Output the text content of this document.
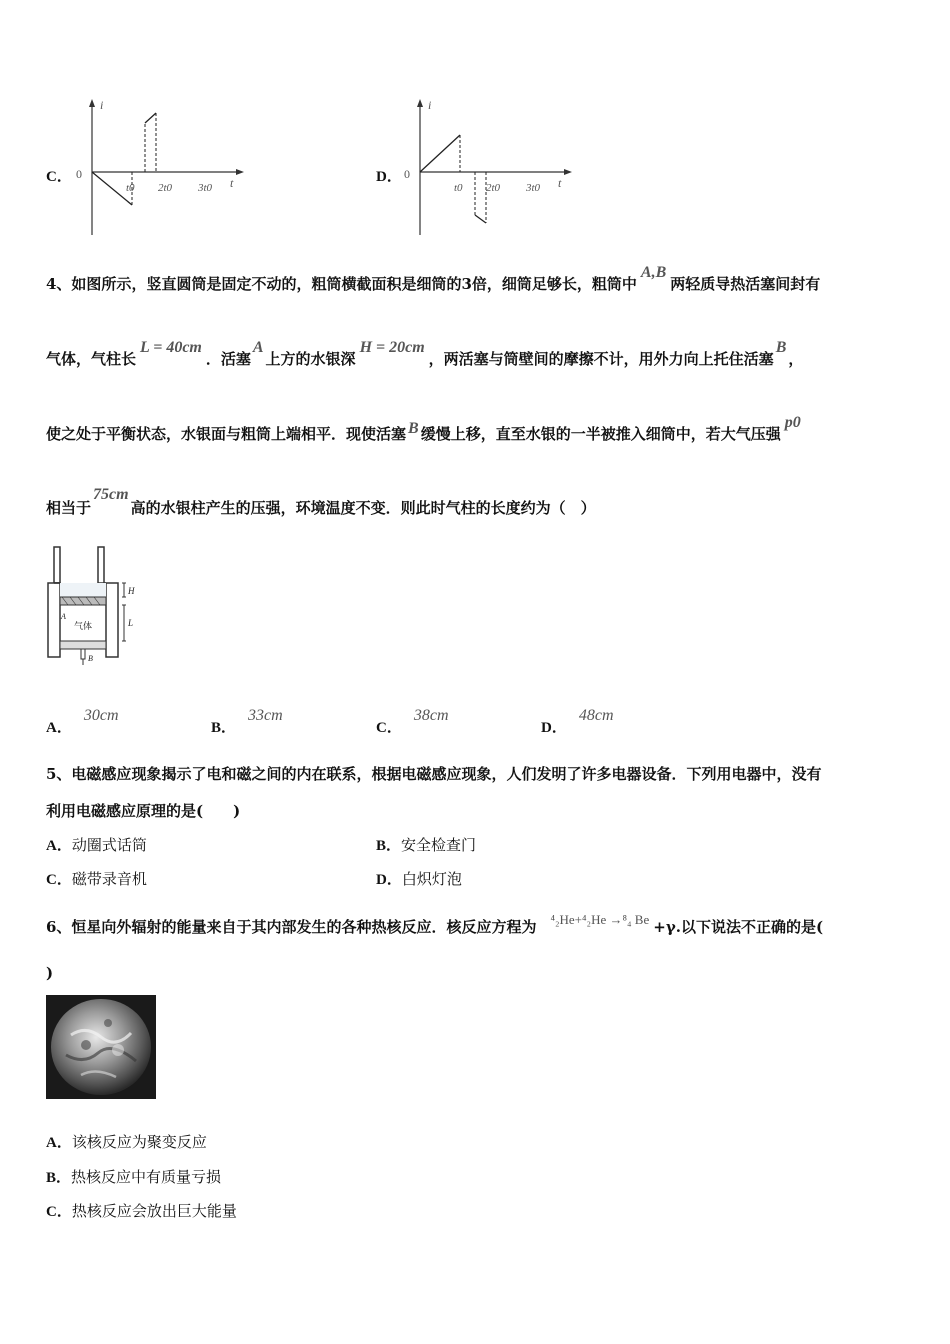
C．
i
t
0
t0 2t0 3t0
D．
i
t
0
t0 2t0 3t0
4、如图所示，竖直圆筒是固定不动的，粗筒横截面积是细筒的3倍，细筒足够长，粗筒中A,B两轻质导热活塞间封有
气体，气柱长L = 40cm．活塞A上方的水银深H = 20cm，两活塞与筒壁间的摩擦不计，用外力向上托住活塞B，
使之处于平衡状态，水银面与粗筒上端相平．现使活塞 B 缓慢上移，直至水银的一半被推入细筒中，若大气压强p0
相当于75cm高的水银柱产生的压强，环境温度不变．则此时气柱的长度约为（　）
H
L
A
B
气体
A．30cm
B．33cm
C．38cm
D．48cm
5、电磁感应现象揭示了电和磁之间的内在联系，根据电磁感应现象，人们发明了许多电器设备．下列用电器中，没有
利用电磁感应原理的是(　　)
A．动圈式话筒	B．安全检查门
C．磁带录音机	D．白炽灯泡
6、恒星向外辐射的能量来自于其内部发生的各种热核反应．核反应方程为 ⁴₂He+⁴₂He →⁸₄ Be +γ.以下说法不正确的是(
)
A．该核反应为聚变反应
B．热核反应中有质量亏损
C．热核反应会放出巨大能量
